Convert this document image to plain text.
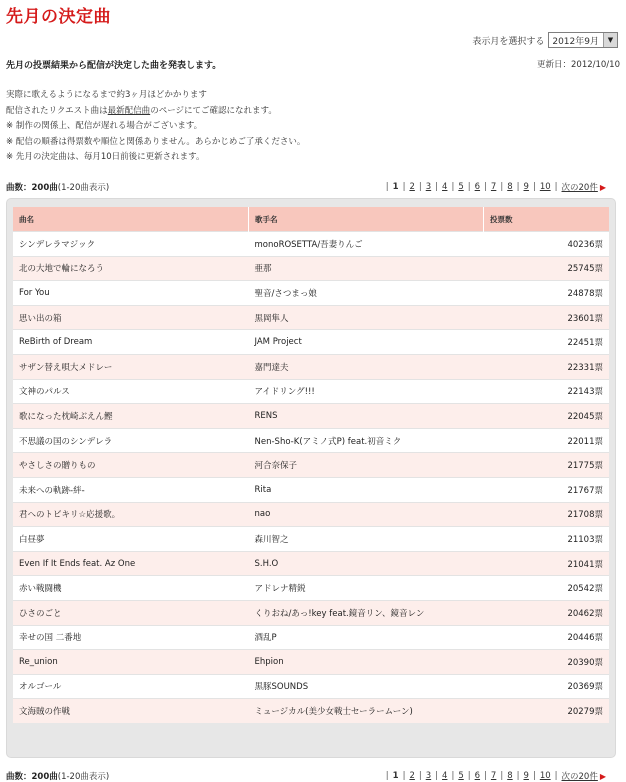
先月の決定曲
表示月を選択する 2012年9月	▼

先月の投票結果から配信が決定した曲を発表します。	更新日：2012/10/10
実際に歌えるようになるまで約3ヶ月ほどかかります
配信されたリクエスト曲は最新配信曲のページにてご確認になれます。
※ 制作の関係上、配信が遅れる場合がございます。
※ 配信の順番は得票数や順位と関係ありません。あらかじめご了承ください。
※ 先月の決定曲は、毎月10日前後に更新されます。
曲数：200曲(1-20曲表示)	| 1 | 2 | 3 | 4 | 5 | 6 | 7 | 8 | 9 | 10 | 次の20件 ▶
曲名	歌手名	投票数
シンデレラマジック	monoROSETTA/吾妻りんご	40236票
北の大地で輪になろう	亜那	25745票
For You	聖音/さつまっ娘	24878票
思い出の箱	黒岡隼人	23601票
ReBirth of Dream	JAM Project	22451票
サザン替え唄大メドレー	嘉門達夫	22331票
文神のパルス	アイドリング!!!	22143票
歌になった枕崎ぶえん鰹	RENS	22045票
不思議の国のシンデレラ	Nen-Sho-K(アミノ式P) feat.初音ミク	22011票
やさしさの贈りもの	河合奈保子	21775票
未来への軌跡-絆-	Rita	21767票
君へのトビキリ☆応援歌。	nao	21708票
白昼夢	森川智之	21103票
Even If It Ends feat. Az One	S.H.O	21041票
赤い戦闘機	アドレナ精鋭	20542票
ひさのごと	くりおね/あっ!key feat.鏡音リン、鏡音レン	20462票
幸せの国 二番地	酒乱P	20446票
Re_union	Ehpion	20390票
オルゴール	黒豚SOUNDS	20369票
文海賊の作戦	ミュージカル(美少女戦士セーラームーン)	20279票
曲数：200曲(1-20曲表示)	| 1 | 2 | 3 | 4 | 5 | 6 | 7 | 8 | 9 | 10 | 次の20件 ▶
